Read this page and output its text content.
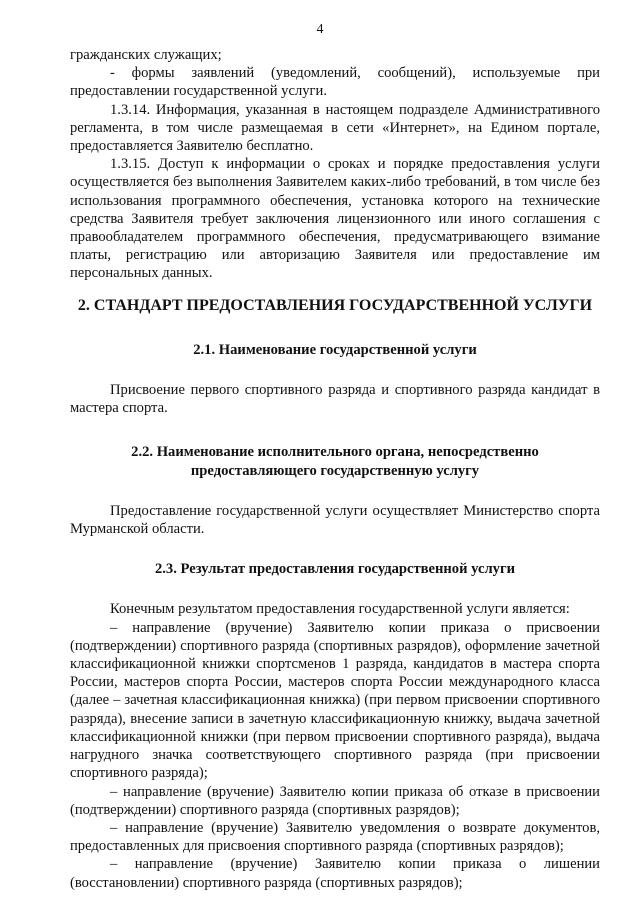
4

гражданских служащих;

- формы заявлений (уведомлений, сообщений), используемые при предоставлении государственной услуги.

1.3.14. Информация, указанная в настоящем подразделе Административного регламента, в том числе размещаемая в сети «Интернет», на Едином портале, предоставляется Заявителю бесплатно.

1.3.15. Доступ к информации о сроках и порядке предоставления услуги осуществляется без выполнения Заявителем каких-либо требований, в том числе без использования программного обеспечения, установка которого на технические средства Заявителя требует заключения лицензионного или иного соглашения с правообладателем программного обеспечения, предусматривающего взимание платы, регистрацию или авторизацию Заявителя или предоставление им персональных данных.

2. СТАНДАРТ ПРЕДОСТАВЛЕНИЯ ГОСУДАРСТВЕННОЙ УСЛУГИ
2.1. Наименование государственной услуги

Присвоение первого спортивного разряда и спортивного разряда кандидат в мастера спорта.

2.2. Наименование исполнительного органа, непосредственно
предоставляющего государственную услугу

Предоставление государственной услуги осуществляет Министерство спорта Мурманской области.

2.3. Результат предоставления государственной услуги

Конечным результатом предоставления государственной услуги является:

– направление (вручение) Заявителю копии приказа о присвоении (подтверждении) спортивного разряда (спортивных разрядов), оформление зачетной классификационной книжки спортсменов 1 разряда, кандидатов в мастера спорта России, мастеров спорта России, мастеров спорта России международного класса (далее – зачетная классификационная книжка) (при первом присвоении спортивного разряда), внесение записи в зачетную классификационную книжку, выдача зачетной классификационной книжки (при первом присвоении спортивного разряда), выдача нагрудного значка соответствующего спортивного разряда (при присвоении спортивного разряда);

– направление (вручение) Заявителю копии приказа об отказе в присвоении (подтверждении) спортивного разряда (спортивных разрядов);

– направление (вручение) Заявителю уведомления о возврате документов, предоставленных для присвоения спортивного разряда (спортивных разрядов);

– направление (вручение) Заявителю копии приказа о лишении (восстановлении) спортивного разряда (спортивных разрядов);
